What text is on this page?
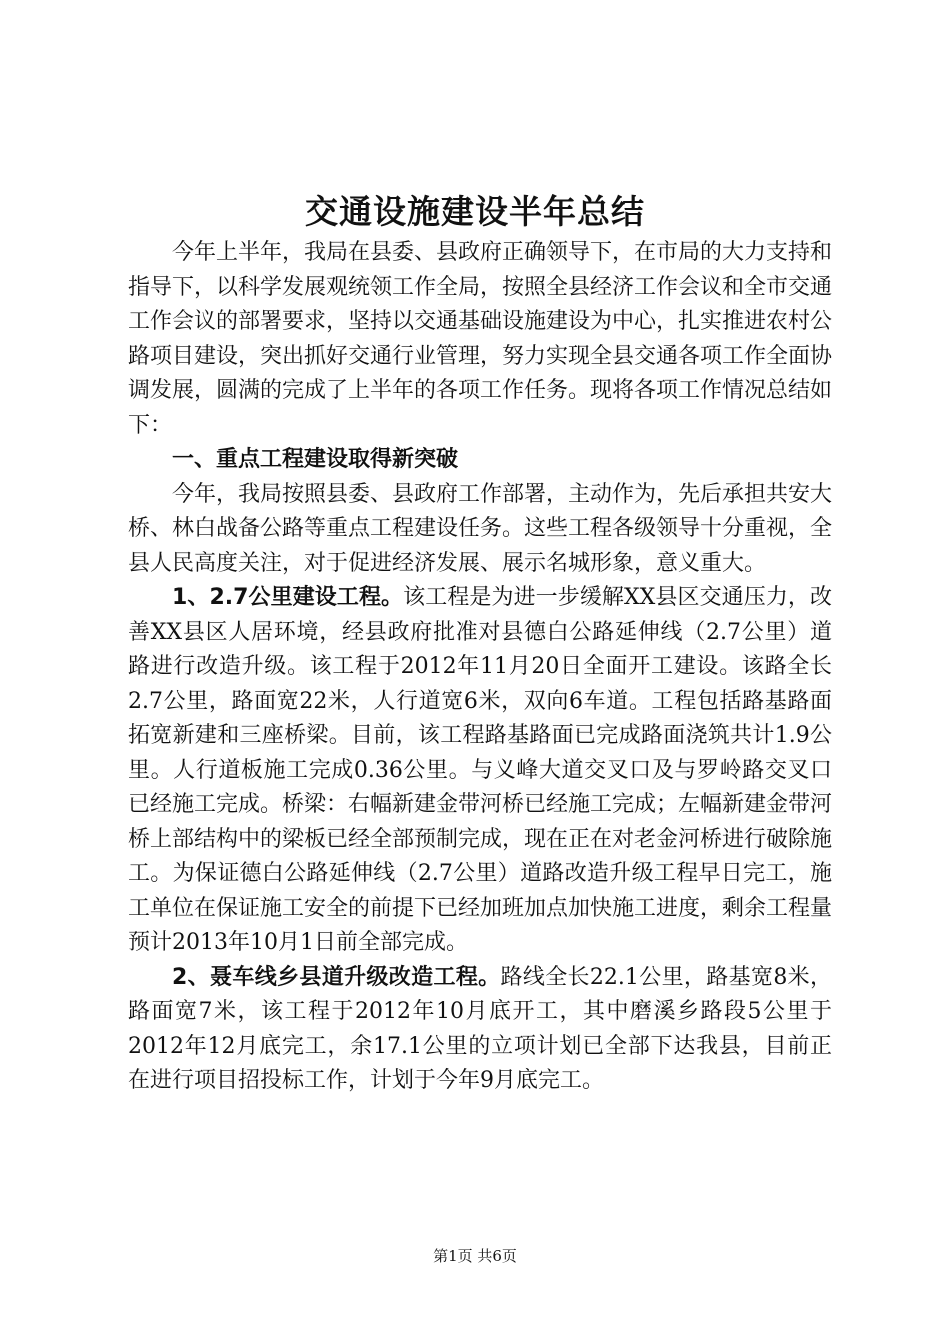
交通设施建设半年总结

今年上半年，我局在县委、县政府正确领导下，在市局的大力支持和指导下，以科学发展观统领工作全局，按照全县经济工作会议和全市交通工作会议的部署要求，坚持以交通基础设施建设为中心，扎实推进农村公路项目建设，突出抓好交通行业管理，努力实现全县交通各项工作全面协调发展，圆满的完成了上半年的各项工作任务。现将各项工作情况总结如下：

一、重点工程建设取得新突破

今年，我局按照县委、县政府工作部署，主动作为，先后承担共安大桥、林白战备公路等重点工程建设任务。这些工程各级领导十分重视，全县人民高度关注，对于促进经济发展、展示名城形象，意义重大。

1、2.7公里建设工程。该工程是为进一步缓解XX县区交通压力，改善XX县区人居环境，经县政府批准对县德白公路延伸线（2.7公里）道路进行改造升级。该工程于2012年11月20日全面开工建设。该路全长2.7公里，路面宽22米，人行道宽6米，双向6车道。工程包括路基路面拓宽新建和三座桥梁。目前，该工程路基路面已完成路面浇筑共计1.9公里。人行道板施工完成0.36公里。与义峰大道交叉口及与罗岭路交叉口已经施工完成。桥梁：右幅新建金带河桥已经施工完成；左幅新建金带河桥上部结构中的梁板已经全部预制完成，现在正在对老金河桥进行破除施工。为保证德白公路延伸线（2.7公里）道路改造升级工程早日完工，施工单位在保证施工安全的前提下已经加班加点加快施工进度，剩余工程量预计2013年10月1日前全部完成。

2、聂车线乡县道升级改造工程。路线全长22.1公里，路基宽8米，路面宽7米，该工程于2012年10月底开工，其中磨溪乡路段5公里于2012年12月底完工，余17.1公里的立项计划已全部下达我县，目前正在进行项目招投标工作，计划于今年9月底完工。

第1页 共6页
